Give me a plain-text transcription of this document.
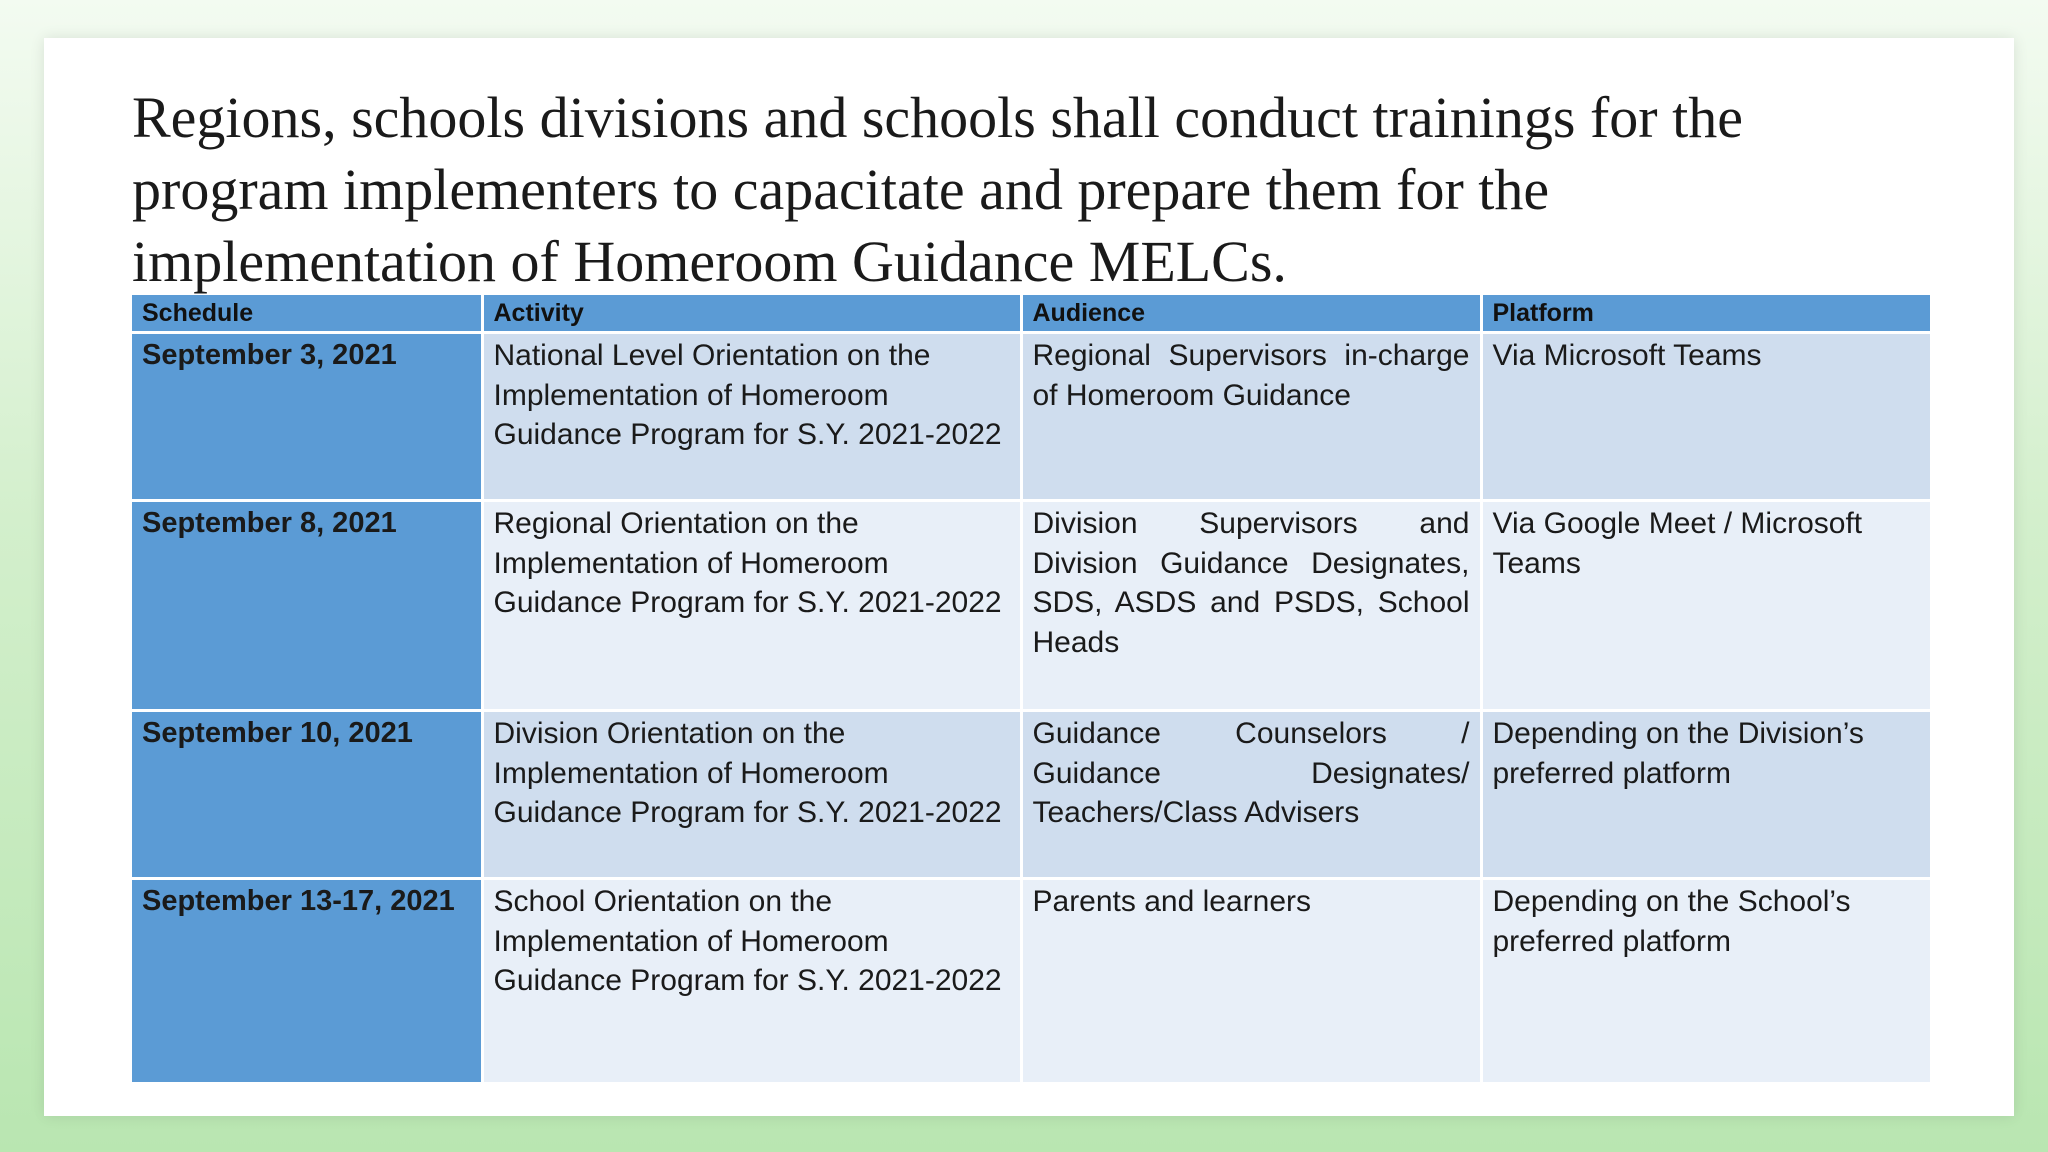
Regions, schools divisions and schools shall conduct trainings for the program implementers to capacitate and prepare them for the implementation of Homeroom Guidance MELCs.

Schedule	Activity	Audience	Platform
September 3, 2021	National Level Orientation on the Implementation of Homeroom Guidance Program for S.Y. 2021-2022	Regional Supervisors in-charge of Homeroom Guidance	Via Microsoft Teams
September 8, 2021	Regional Orientation on the Implementation of Homeroom Guidance Program for S.Y. 2021-2022	Division Supervisors and Division Guidance Designates, SDS, ASDS and PSDS, School Heads	Via Google Meet / Microsoft Teams
September 10, 2021	Division Orientation on the Implementation of Homeroom Guidance Program for S.Y. 2021-2022	Guidance Counselors / Guidance Designates/ Teachers/Class Advisers	Depending on the Division’s preferred platform
September 13-17, 2021	School Orientation on the Implementation of Homeroom Guidance Program for S.Y. 2021-2022	Parents and learners	Depending on the School’s preferred platform
